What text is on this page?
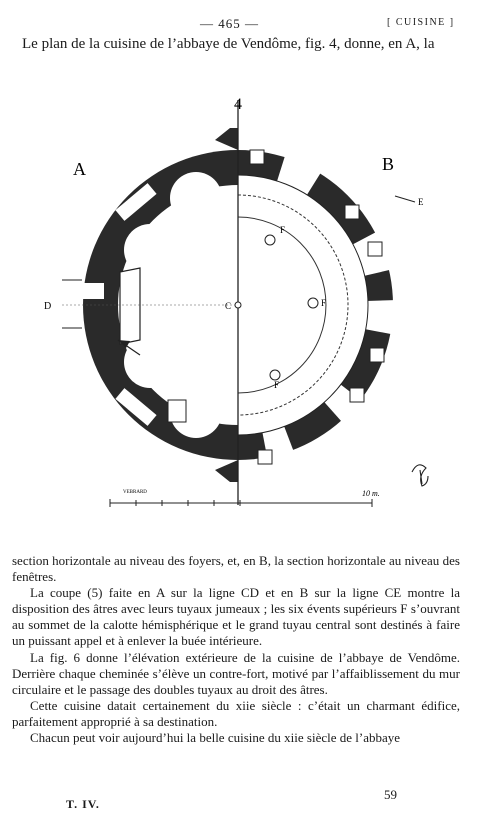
— 465 —	[ CUISINE ]
Le plan de la cuisine de l’abbaye de Vendôme, fig. 4, donne, en A, la
4
A	B
C
D
E
F
F
F
VEBRARD	10 m.

section horizontale au niveau des foyers, et, en B, la section horizontale au niveau des fenêtres.

La coupe (5) faite en A sur la ligne CD et en B sur la ligne CE montre la disposition des âtres avec leurs tuyaux jumeaux ; les six évents supérieurs F s’ouvrant au sommet de la calotte hémisphérique et le grand tuyau central sont destinés à faire un puissant appel et à enlever la buée intérieure.

La fig. 6 donne l’élévation extérieure de la cuisine de l’abbaye de Vendôme. Derrière chaque cheminée s’élève un contre-fort, motivé par l’affaiblissement du mur circulaire et le passage des doubles tuyaux au droit des âtres.

Cette cuisine datait certainement du xiie siècle : c’était un charmant édifice, parfaitement approprié à sa destination.

Chacun peut voir aujourd’hui la belle cuisine du xiie siècle de l’abbaye

T. IV.
59
